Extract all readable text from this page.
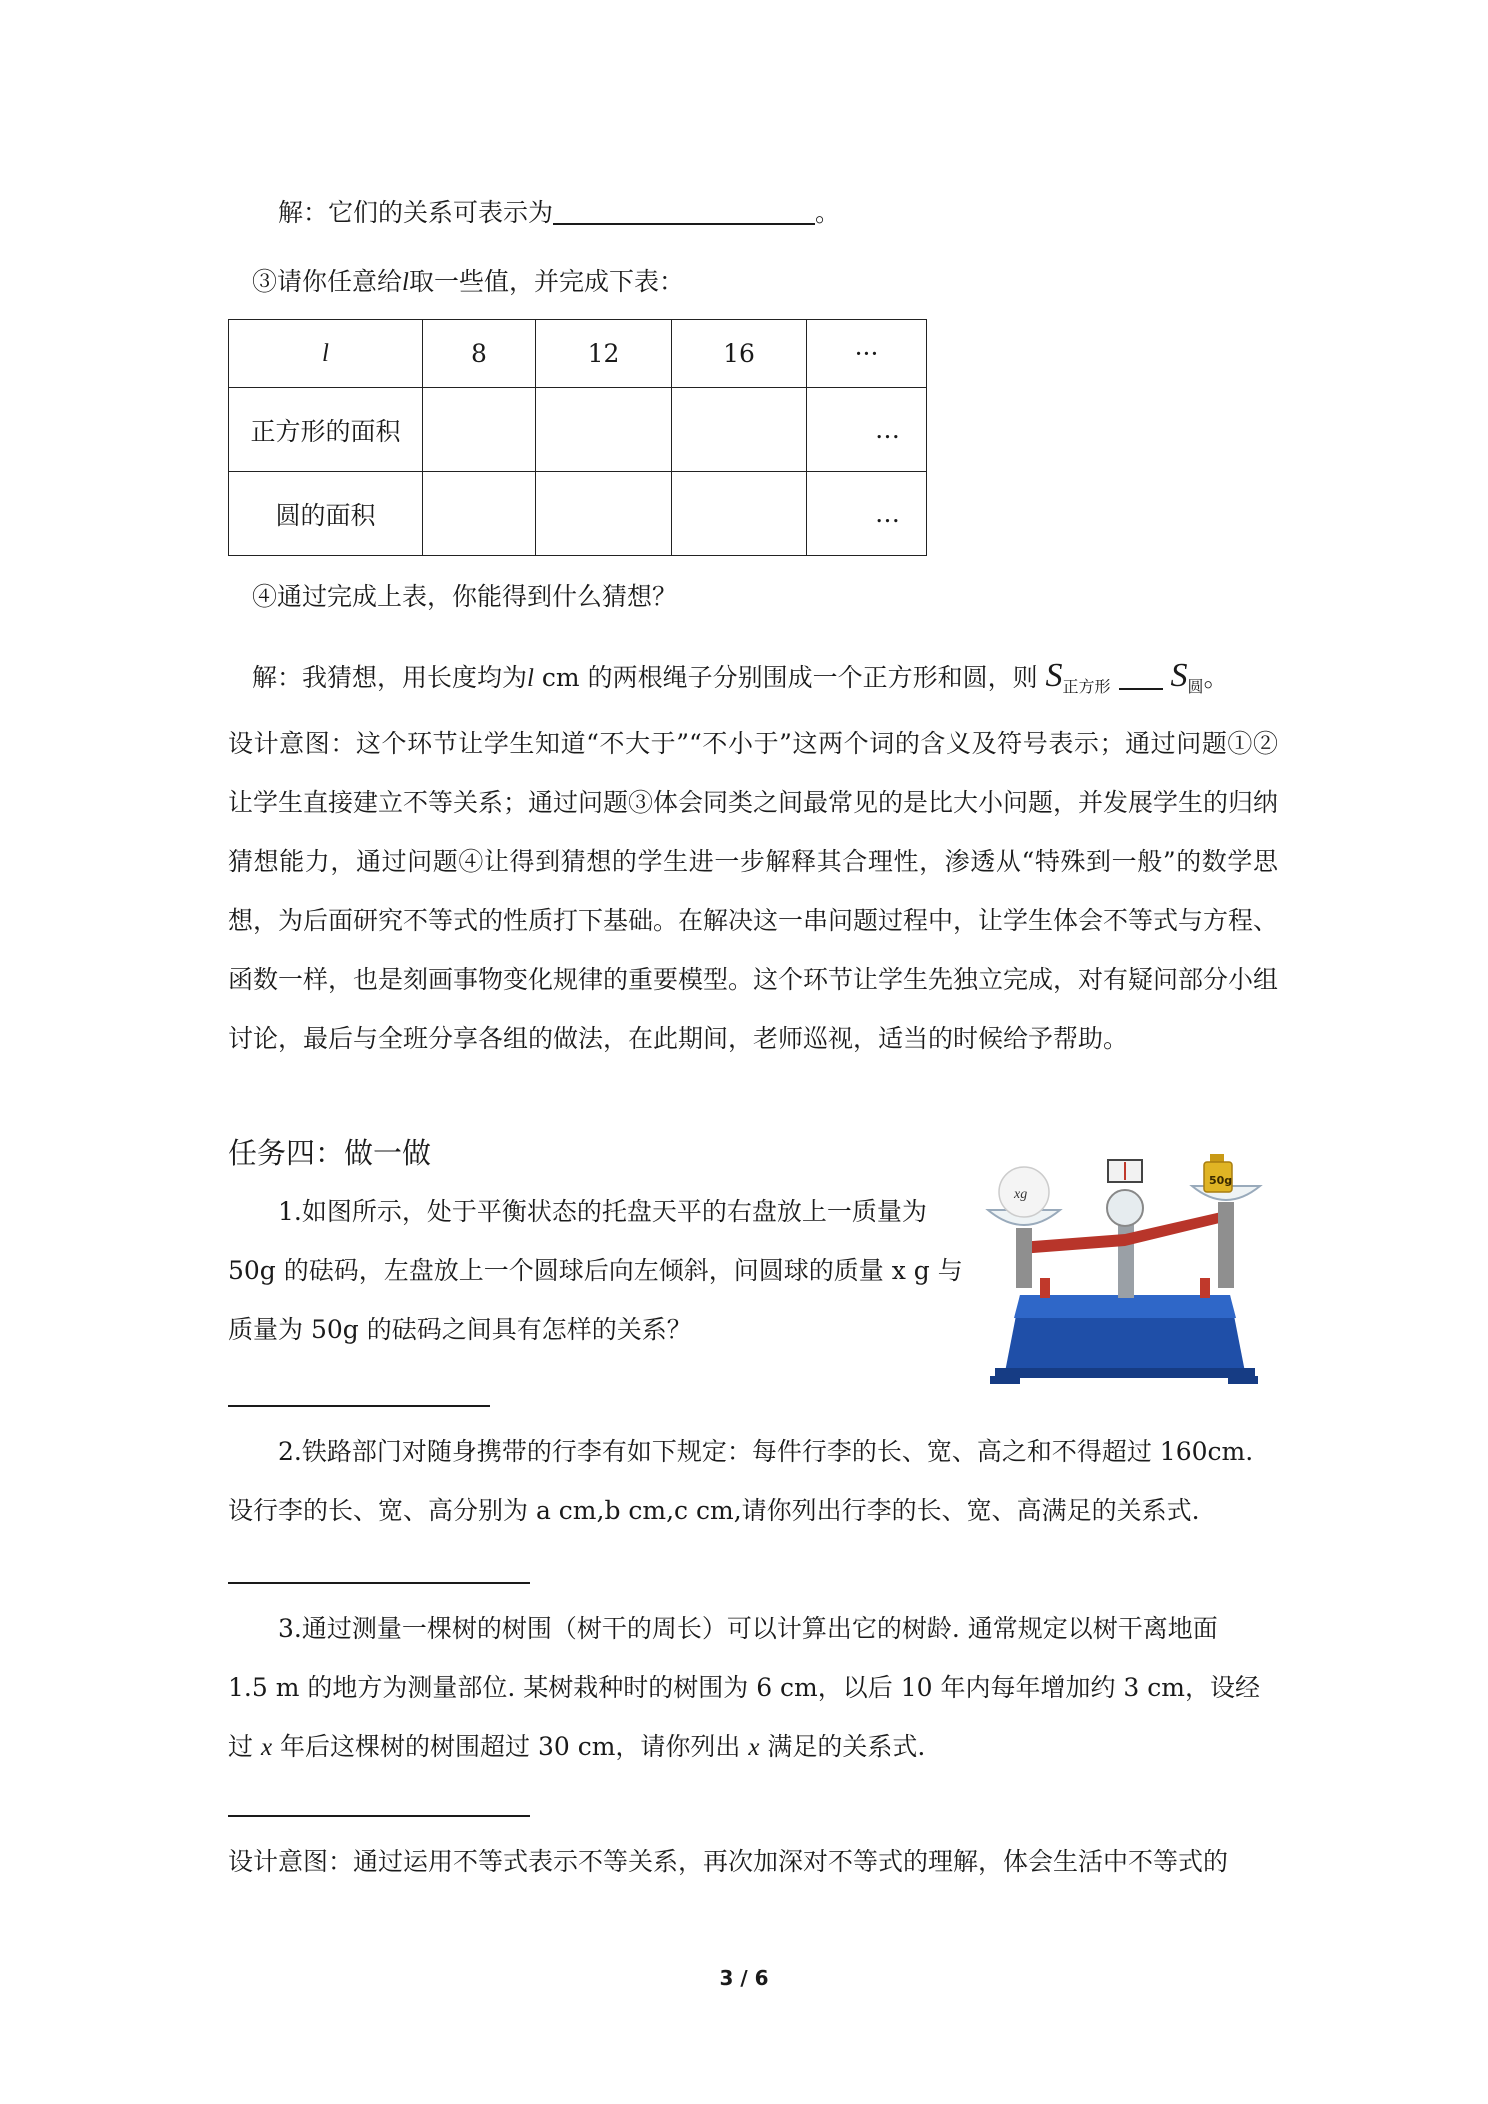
解：它们的关系可表示为	。
③请你任意给l取一些值，并完成下表：
l	8	12	16	···
正方形的面积				…
圆的面积				…
④通过完成上表，你能得到什么猜想？
解：我猜想，用长度均为l cm 的两根绳子分别围成一个正方形和圆，则 $S_{正方形}$ $S_圆$。
设计意图：这个环节让学生知道“不大于”“不小于”这两个词的含义及符号表示；通过问题①②让学生直接建立不等关系；通过问题③体会同类之间最常见的是比大小问题，并发展学生的归纳猜想能力，通过问题④让得到猜想的学生进一步解释其合理性，渗透从“特殊到一般”的数学思想，为后面研究不等式的性质打下基础。在解决这一串问题过程中，让学生体会不等式与方程、函数一样，也是刻画事物变化规律的重要模型。这个环节让学生先独立完成，对有疑问部分小组讨论，最后与全班分享各组的做法，在此期间，老师巡视，适当的时候给予帮助。
任务四：做一做
1.如图所示，处于平衡状态的托盘天平的右盘放上一质量为
50g 的砝码，左盘放上一个圆球后向左倾斜，问圆球的质量 x g 与
质量为 50g 的砝码之间具有怎样的关系？
xg
50g
2.铁路部门对随身携带的行李有如下规定：每件行李的长、宽、高之和不得超过 160cm.
设行李的长、宽、高分别为 a cm,b cm,c cm,请你列出行李的长、宽、高满足的关系式.
3.通过测量一棵树的树围（树干的周长）可以计算出它的树龄. 通常规定以树干离地面
1.5 m 的地方为测量部位. 某树栽种时的树围为 6 cm，以后 10 年内每年增加约 3 cm，设经
过 x 年后这棵树的树围超过 30 cm，请你列出 x 满足的关系式.
设计意图：通过运用不等式表示不等关系，再次加深对不等式的理解，体会生活中不等式的
3 / 6
